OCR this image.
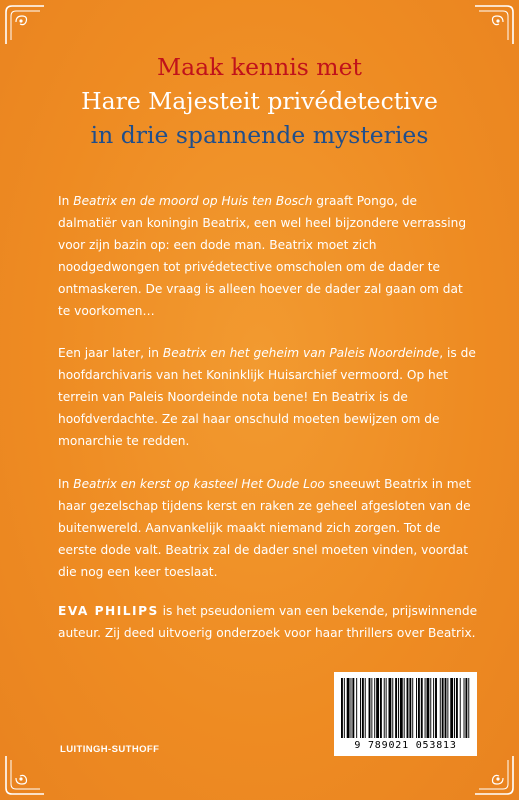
Maak kennis met
Hare Majesteit privédetective
in drie spannende mysteries
In Beatrix en de moord op Huis ten Bosch graaft Pongo, de dalmatiër van koningin Beatrix, een wel heel bijzondere verrassing voor zijn bazin op: een dode man. Beatrix moet zich noodgedwongen tot privédetective omscholen om de dader te ontmaskeren. De vraag is alleen hoever de dader zal gaan om dat te voorkomen…
Een jaar later, in Beatrix en het geheim van Paleis Noordeinde, is de hoofdarchivaris van het Koninklijk Huisarchief vermoord. Op het terrein van Paleis Noordeinde nota bene! En Beatrix is de hoofdverdachte. Ze zal haar onschuld moeten bewijzen om de monarchie te redden.
In Beatrix en kerst op kasteel Het Oude Loo sneeuwt Beatrix in met haar gezelschap tijdens kerst en raken ze geheel afgesloten van de buitenwereld. Aanvankelijk maakt niemand zich zorgen. Tot de eerste dode valt. Beatrix zal de dader snel moeten vinden, voordat die nog een keer toeslaat.
EVA PHILIPS is het pseudoniem van een bekende, prijswinnende auteur. Zij deed uitvoerig onderzoek voor haar thrillers over Beatrix.
LUITINGH-SUTHOFF	9 789021 053813
